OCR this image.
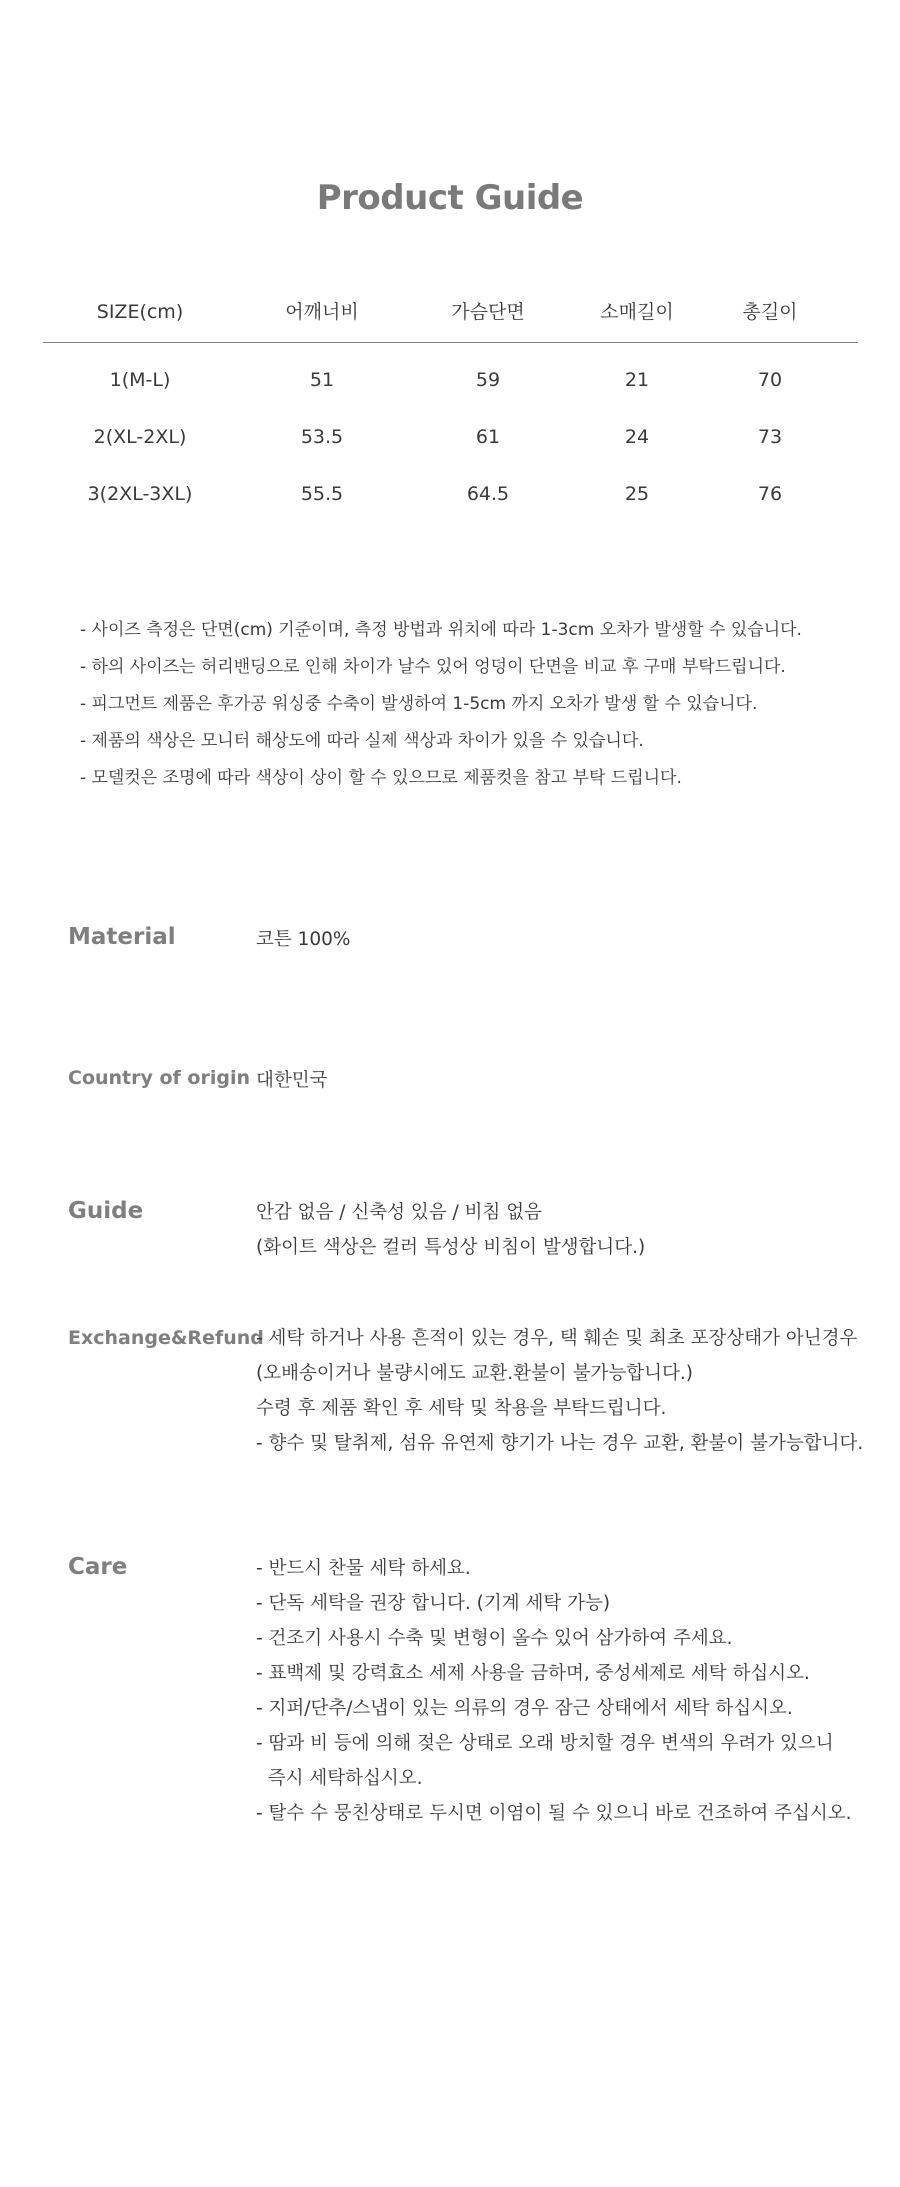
Product Guide
SIZE(cm)	어깨너비	가슴단면	소매길이	총길이
1(M-L)	51	59	21	70
2(XL-2XL)	53.5	61	24	73
3(2XL-3XL)	55.5	64.5	25	76
- 사이즈 측정은 단면(cm) 기준이며, 측정 방법과 위치에 따라 1-3cm 오차가 발생할 수 있습니다.
- 하의 사이즈는 허리밴딩으로 인해 차이가 날수 있어 엉덩이 단면을 비교 후 구매 부탁드립니다.
- 피그먼트 제품은 후가공 워싱중 수축이 발생하여 1-5cm 까지 오차가 발생 할 수 있습니다.
- 제품의 색상은 모니터 해상도에 따라 실제 색상과 차이가 있을 수 있습니다.
- 모델컷은 조명에 따라 색상이 상이 할 수 있으므로 제품컷을 참고 부탁 드립니다.
Material	코튼 100%
Country of origin 대한민국
Guide	안감 없음 / 신축성 있음 / 비침 없음
(화이트 색상은 컬러 특성상 비침이 발생합니다.)
Exchange&Refund
- 세탁 하거나 사용 흔적이 있는 경우, 택 훼손 및 최초 포장상태가 아닌경우
(오배송이거나 불량시에도 교환.환불이 불가능합니다.)
수령 후 제품 확인 후 세탁 및 착용을 부탁드립니다.
- 향수 및 탈취제, 섬유 유연제 향기가 나는 경우 교환, 환불이 불가능합니다.
Care	- 반드시 찬물 세탁 하세요.
- 단독 세탁을 권장 합니다. (기계 세탁 가능)
- 건조기 사용시 수축 및 변형이 올수 있어 삼가하여 주세요.
- 표백제 및 강력효소 세제 사용을 금하며, 중성세제로 세탁 하십시오.
- 지퍼/단추/스냅이 있는 의류의 경우 잠근 상태에서 세탁 하십시오.
- 땀과 비 등에 의해 젖은 상태로 오래 방치할 경우 변색의 우려가 있으니
즉시 세탁하십시오.
- 탈수 수 뭉친상태로 두시면 이염이 될 수 있으니 바로 건조하여 주십시오.
